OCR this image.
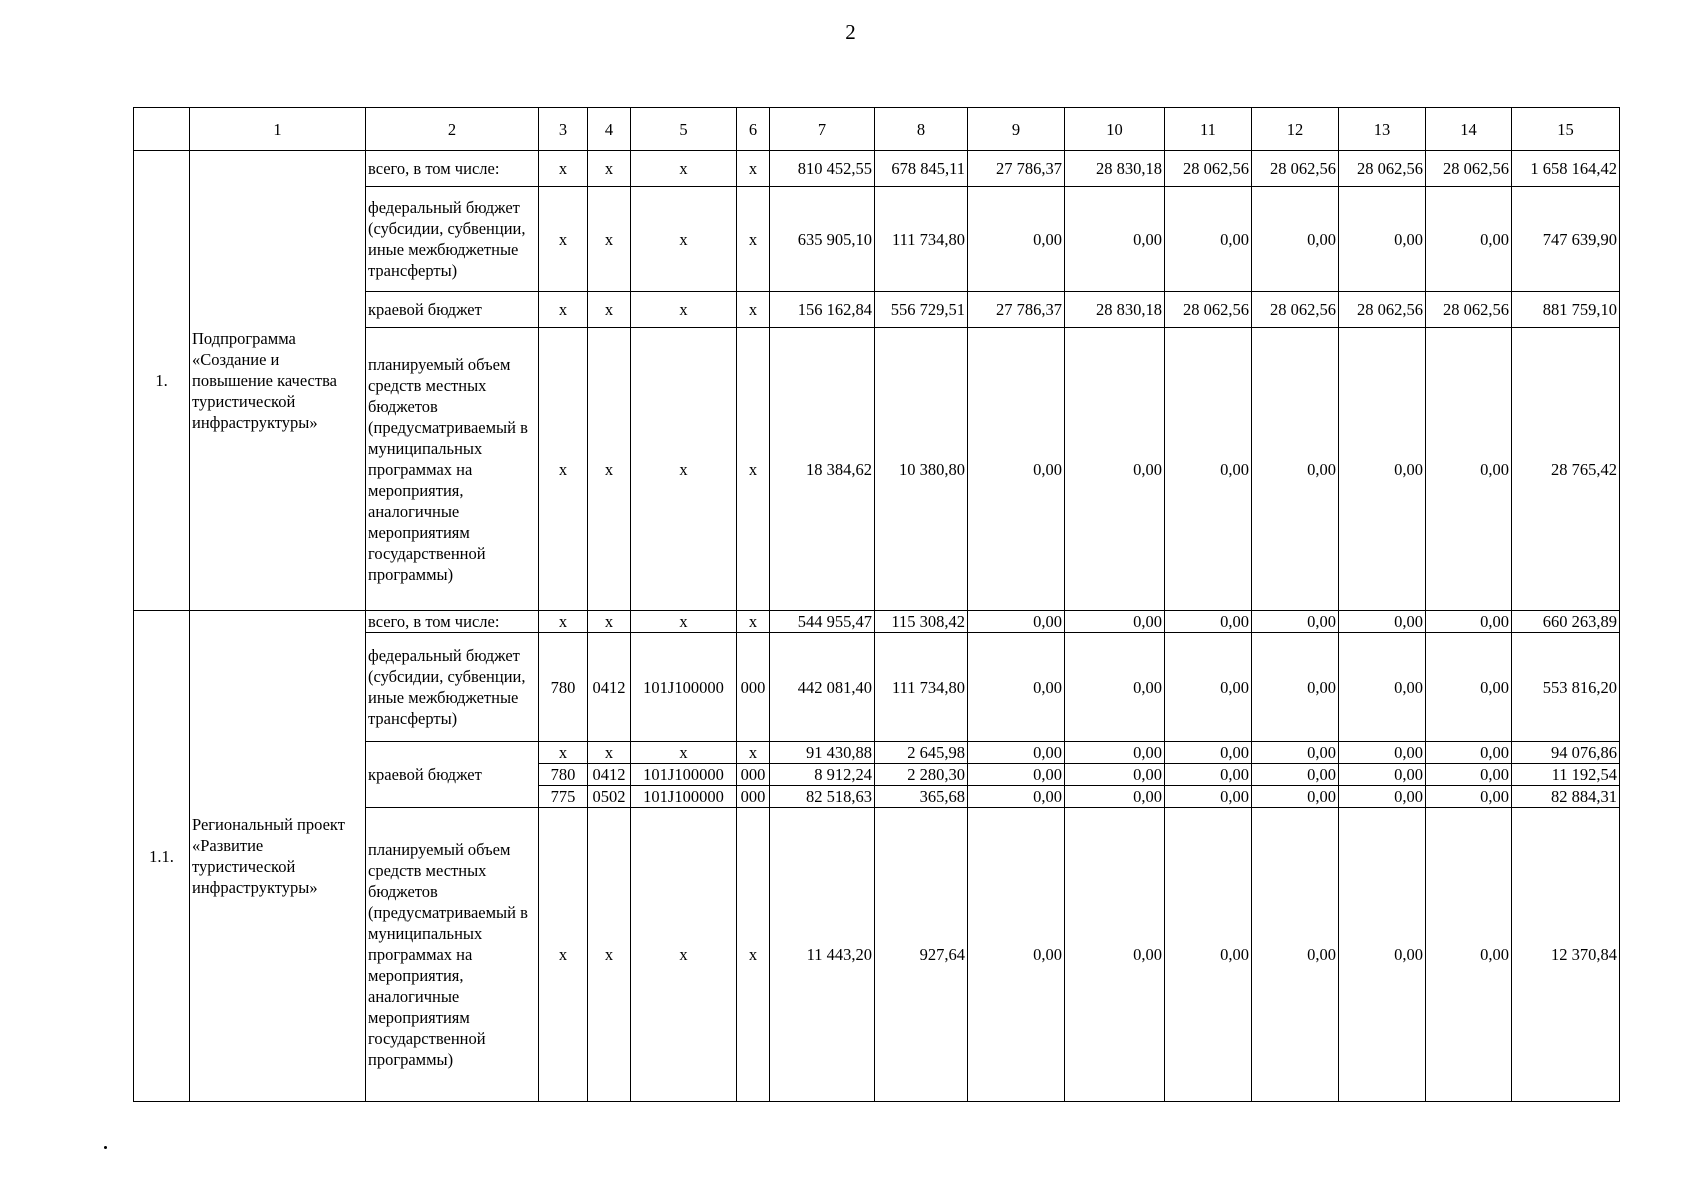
2
	1	2	3	4	5	6	7	8	9	10	11	12	13	14	15
1.	Подпрограмма «Создание и повышение качества туристической инфраструктуры»	всего, в том числе:	х	х	х	х	810 452,55	678 845,11	27 786,37	28 830,18	28 062,56	28 062,56	28 062,56	28 062,56	1 658 164,42
		федеральный бюджет (субсидии, субвенции, иные межбюджетные трансферты)	х	х	х	х	635 905,10	111 734,80	0,00	0,00	0,00	0,00	0,00	0,00	747 639,90
		краевой бюджет	х	х	х	х	156 162,84	556 729,51	27 786,37	28 830,18	28 062,56	28 062,56	28 062,56	28 062,56	881 759,10
		планируемый объем средств местных бюджетов (предусматриваемый в муниципальных программах на мероприятия, аналогичные мероприятиям государственной программы)	х	х	х	х	18 384,62	10 380,80	0,00	0,00	0,00	0,00	0,00	0,00	28 765,42
1.1.	Региональный проект «Развитие туристической инфраструктуры»	всего, в том числе:	х	х	х	х	544 955,47	115 308,42	0,00	0,00	0,00	0,00	0,00	0,00	660 263,89
		федеральный бюджет (субсидии, субвенции, иные межбюджетные трансферты)	780	0412	101J100000	000	442 081,40	111 734,80	0,00	0,00	0,00	0,00	0,00	0,00	553 816,20
		краевой бюджет	х	х	х	х	91 430,88	2 645,98	0,00	0,00	0,00	0,00	0,00	0,00	94 076,86
			780	0412	101J100000	000	8 912,24	2 280,30	0,00	0,00	0,00	0,00	0,00	0,00	11 192,54
			775	0502	101J100000	000	82 518,63	365,68	0,00	0,00	0,00	0,00	0,00	0,00	82 884,31
		планируемый объем средств местных бюджетов (предусматриваемый в муниципальных программах на мероприятия, аналогичные мероприятиям государственной программы)	х	х	х	х	11 443,20	927,64	0,00	0,00	0,00	0,00	0,00	0,00	12 370,84
